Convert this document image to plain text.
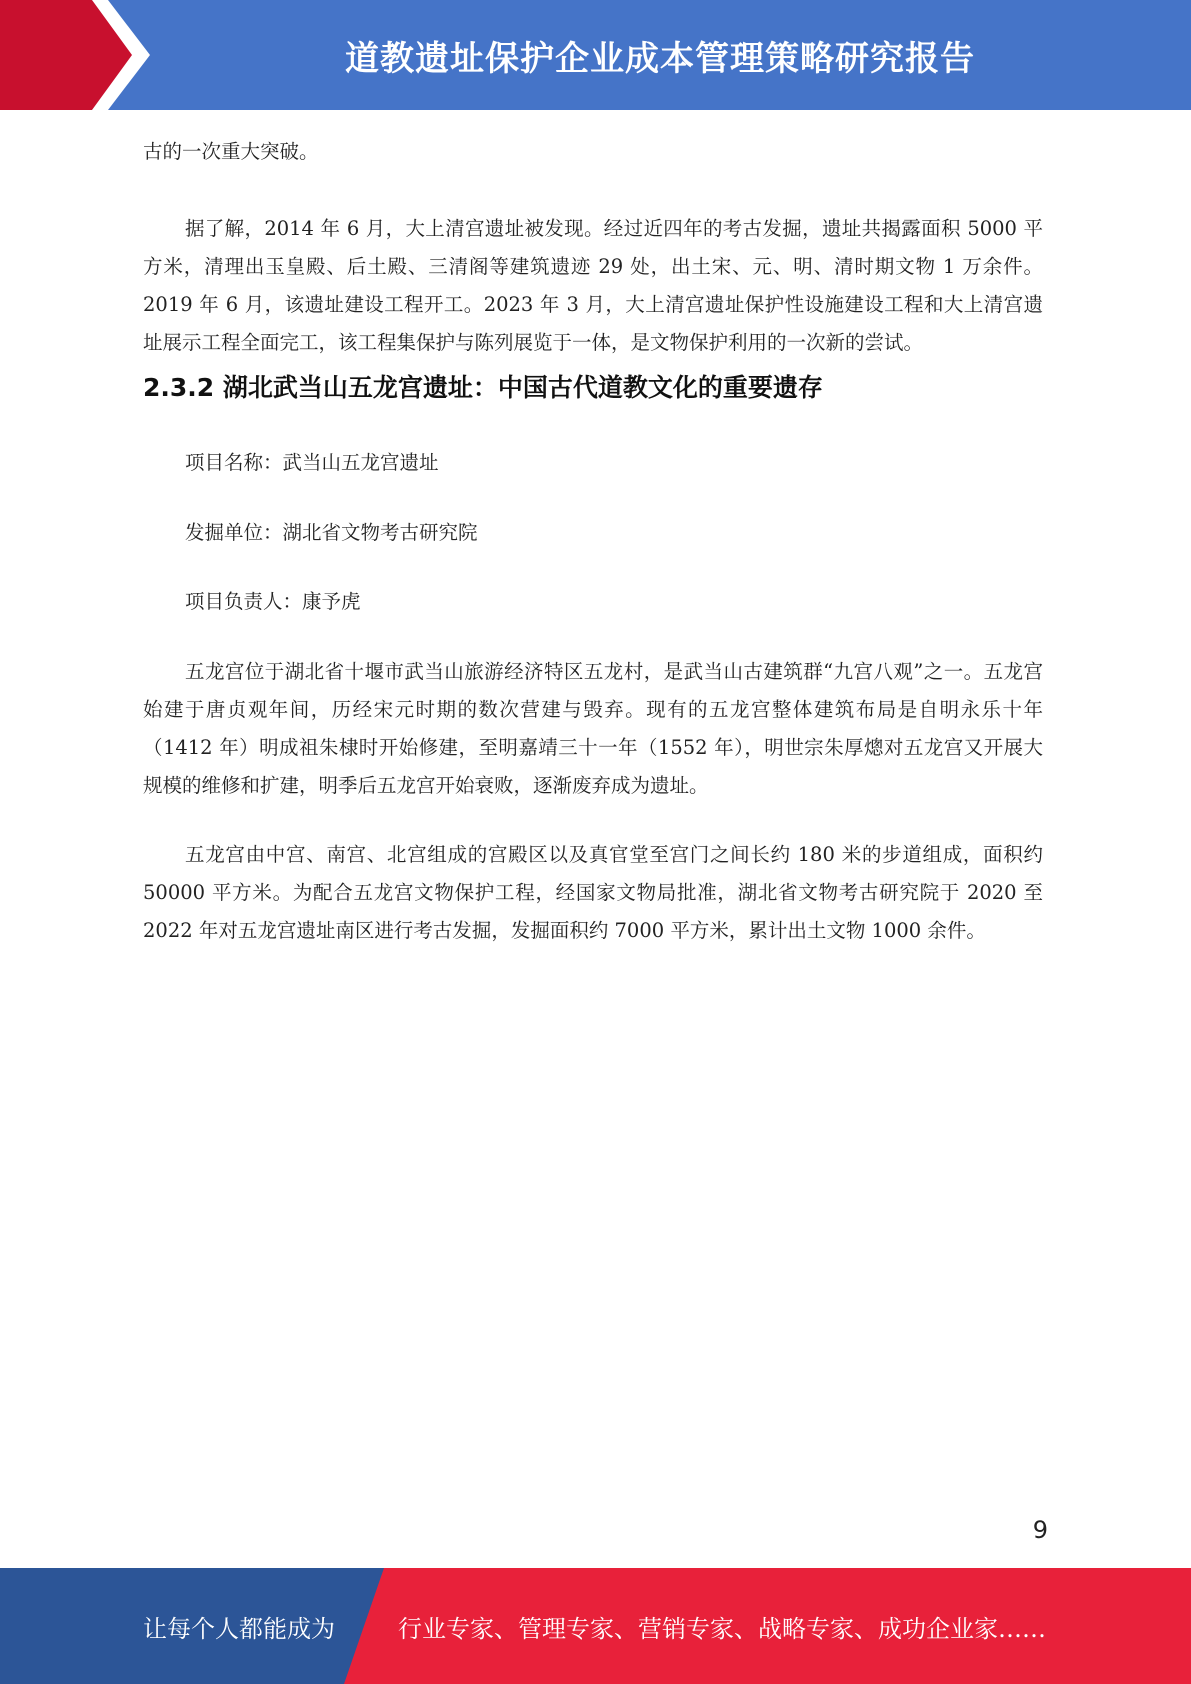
道教遗址保护企业成本管理策略研究报告

古的一次重大突破。

据了解，2014 年 6 月，大上清宫遗址被发现。经过近四年的考古发掘，遗址共揭露面积 5000 平方米，清理出玉皇殿、后土殿、三清阁等建筑遗迹 29 处，出土宋、元、明、清时期文物 1 万余件。2019 年 6 月，该遗址建设工程开工。2023 年 3 月，大上清宫遗址保护性设施建设工程和大上清宫遗址展示工程全面完工，该工程集保护与陈列展览于一体，是文物保护利用的一次新的尝试。

2.3.2 湖北武当山五龙宫遗址：中国古代道教文化的重要遗存

项目名称：武当山五龙宫遗址

发掘单位：湖北省文物考古研究院

项目负责人：康予虎

五龙宫位于湖北省十堰市武当山旅游经济特区五龙村，是武当山古建筑群“九宫八观”之一。五龙宫始建于唐贞观年间，历经宋元时期的数次营建与毁弃。现有的五龙宫整体建筑布局是自明永乐十年（1412 年）明成祖朱棣时开始修建，至明嘉靖三十一年（1552 年），明世宗朱厚熜对五龙宫又开展大规模的维修和扩建，明季后五龙宫开始衰败，逐渐废弃成为遗址。

五龙宫由中宫、南宫、北宫组成的宫殿区以及真官堂至宫门之间长约 180 米的步道组成，面积约 50000 平方米。为配合五龙宫文物保护工程，经国家文物局批准，湖北省文物考古研究院于 2020 至 2022 年对五龙宫遗址南区进行考古发掘，发掘面积约 7000 平方米，累计出土文物 1000 余件。

9
让每个人都能成为	行业专家、管理专家、营销专家、战略专家、成功企业家……
